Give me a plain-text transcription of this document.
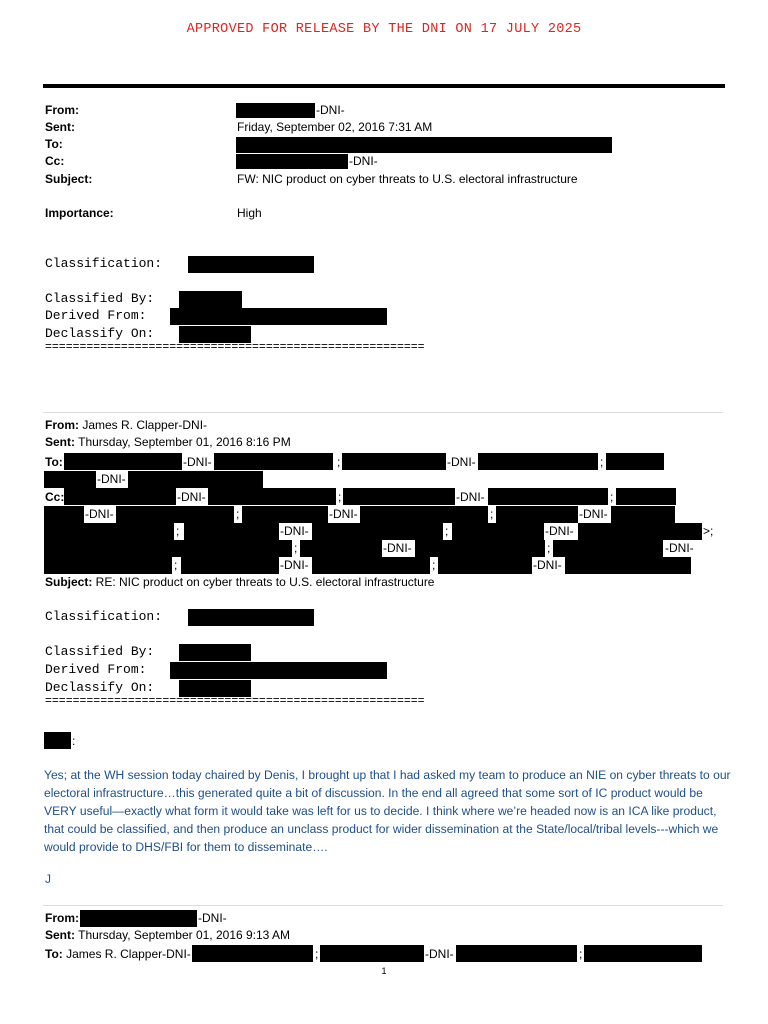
APPROVED FOR RELEASE BY THE DNI ON 17 JULY 2025
From:	-DNI-
Sent:	Friday, September 02, 2016 7:31 AM
To:
Cc:	-DNI-
Subject:	FW: NIC product on cyber threats to U.S. electoral infrastructure
Importance:	High
Classification:
Classified By:
Derived From:
Declassify On:
=======================================================
From: James R. Clapper-DNI-
Sent: Thursday, September 01, 2016 8:16 PM
To:	-DNI-	;	-DNI-	;
-DNI-
Cc:	-DNI-	;	-DNI-	;
-DNI-	;	-DNI-	;	-DNI-
;	-DNI-	;	-DNI-	>;
;	-DNI-	;	-DNI-
;	-DNI-	;	-DNI-
Subject: RE: NIC product on cyber threats to U.S. electoral infrastructure
Classification:
Classified By:
Derived From:
Declassify On:
=======================================================
:
Yes; at the WH session today chaired by Denis, I brought up that I had asked my team to produce an NIE on cyber threats to our electoral infrastructure…this generated quite a bit of discussion. In the end all agreed that some sort of IC product would be VERY useful—exactly what form it would take was left for us to decide. I think where we’re headed now is an ICA like product, that could be classified, and then produce an unclass product for wider dissemination at the State/local/tribal levels---which we would provide to DHS/FBI for them to disseminate….
J
From:	-DNI-
Sent: Thursday, September 01, 2016 9:13 AM
To: James R. Clapper-DNI-	;	-DNI-	;
1
